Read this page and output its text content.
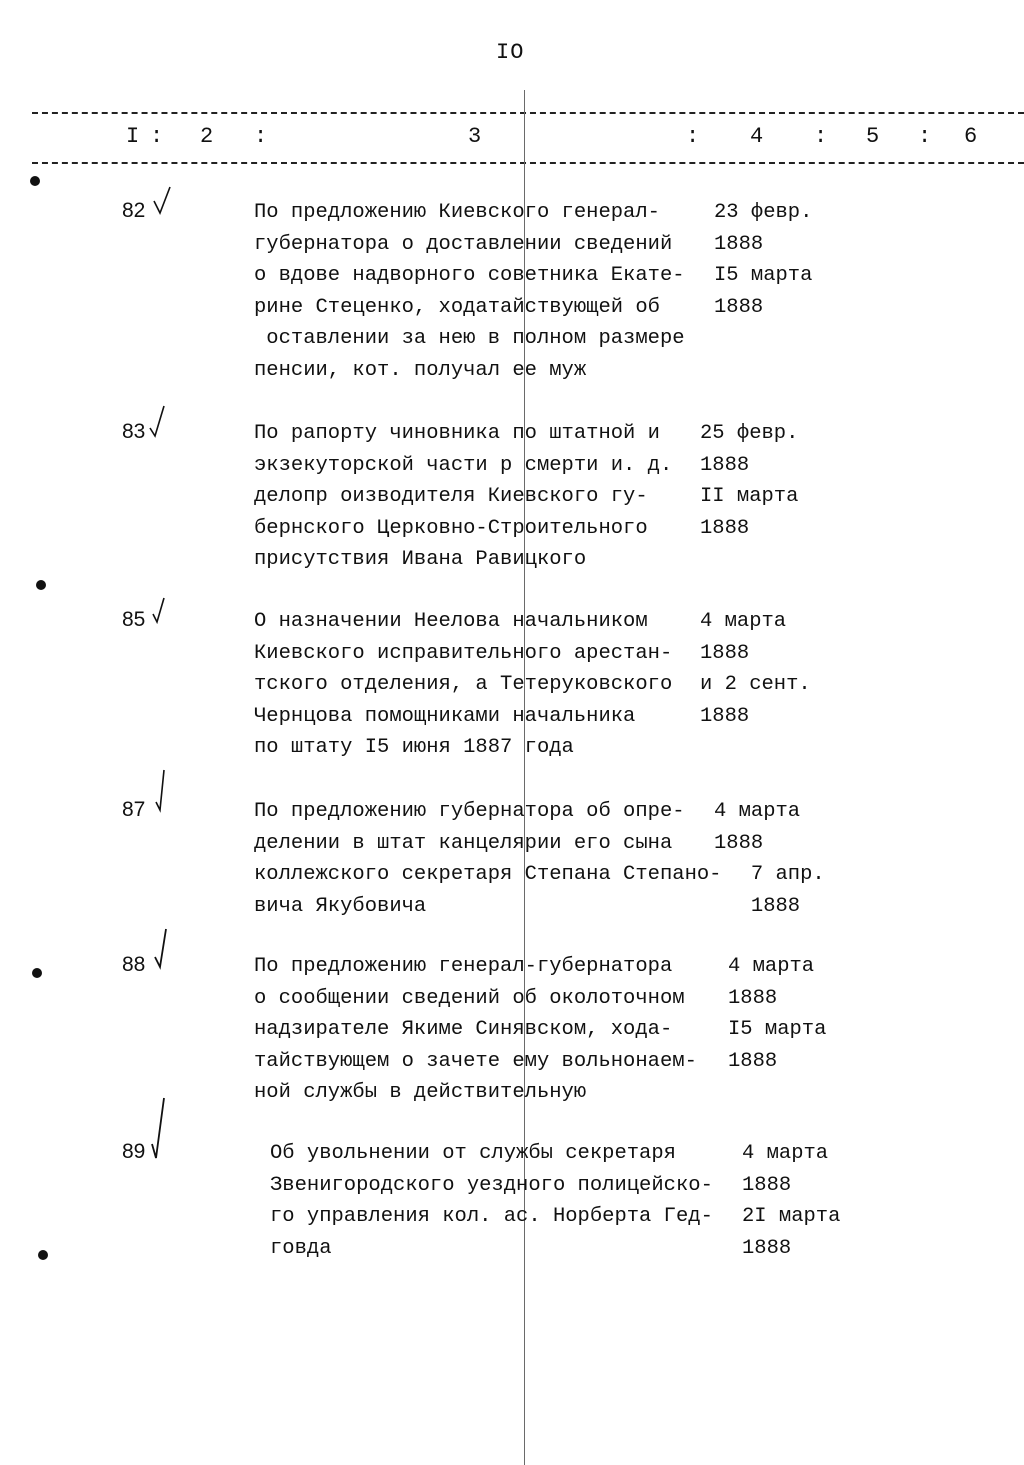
IO
I : 2 :	3	: 4 : 5 : 6
82	По предложению Киевского генерал-
губернатора о доставлении сведений
о вдове надворного советника Екате-
рине Стеценко, ходатайствующей об
оставлении за нею в полном размере
пенсии, кот. получал ее муж
23 февр.
1888
I5 марта
1888
83	По рапорту чиновника по штатной и
экзекуторской части р смерти и. д.
делопр оизводителя Киевского гу-
бернского Церковно-Строительного
присутствия Ивана Равицкого
25 февр.
1888
II марта
1888
85	О назначении Неелова начальником
Киевского исправительного арестан-
тского отделения, а Тетеруковского
Чернцова помощниками начальника
по штату I5 июня 1887 года
4 марта
1888
и 2 сент.
1888
87	По предложению губернатора об опре-
делении в штат канцелярии его сына
коллежского секретаря Степана Степано-
вича Якубовича
4 марта
1888
7 апр.
1888
88	По предложению генерал-губернатора
о сообщении сведений об околоточном
надзирателе Якиме Синявском, хода-
тайствующем о зачете ему вольнонаем-
ной службы в действительную
4 марта
1888
I5 марта
1888
89	Об увольнении от службы секретаря
Звенигородского уездного полицейско-
го управления кол. ас. Норберта Гед-
говда
4 марта
1888
2I марта
1888
